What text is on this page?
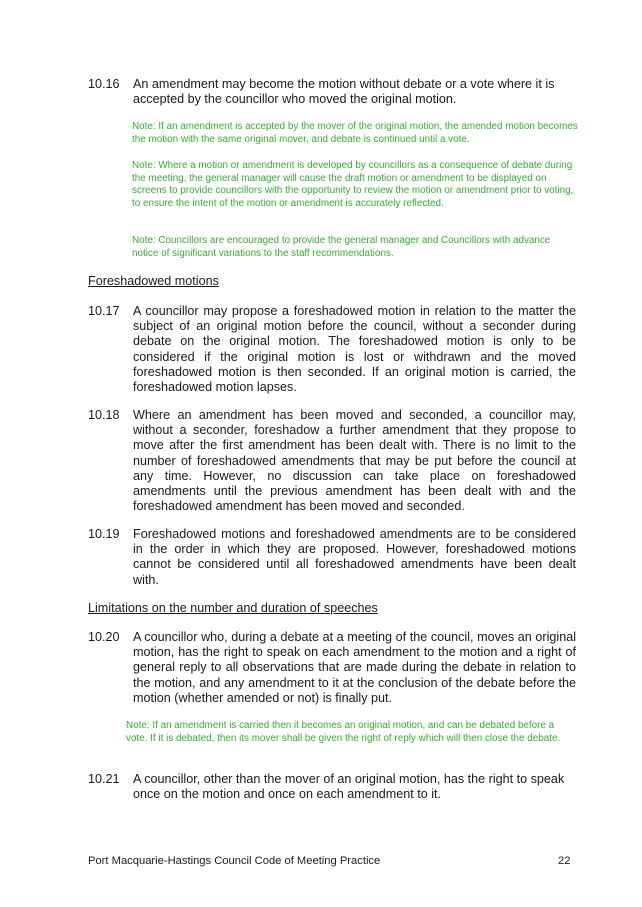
10.16	An amendment may become the motion without debate or a vote where it is accepted by the councillor who moved the original motion.
Note: If an amendment is accepted by the mover of the original motion, the amended motion becomes the motion with the same original mover, and debate is continued until a vote.
Note: Where a motion or amendment is developed by councillors as a consequence of debate during the meeting, the general manager will cause the draft motion or amendment to be displayed on screens to provide councillors with the opportunity to review the motion or amendment prior to voting, to ensure the intent of the motion or amendment is accurately reflected.
Note: Councillors are encouraged to provide the general manager and Councillors with advance notice of significant variations to the staff recommendations.
Foreshadowed motions
10.17	A councillor may propose a foreshadowed motion in relation to the matter the subject of an original motion before the council, without a seconder during debate on the original motion. The foreshadowed motion is only to be considered if the original motion is lost or withdrawn and the moved foreshadowed motion is then seconded. If an original motion is carried, the foreshadowed motion lapses.
10.18	Where an amendment has been moved and seconded, a councillor may, without a seconder, foreshadow a further amendment that they propose to move after the first amendment has been dealt with. There is no limit to the number of foreshadowed amendments that may be put before the council at any time. However, no discussion can take place on foreshadowed amendments until the previous amendment has been dealt with and the foreshadowed amendment has been moved and seconded.
10.19	Foreshadowed motions and foreshadowed amendments are to be considered in the order in which they are proposed. However, foreshadowed motions cannot be considered until all foreshadowed amendments have been dealt with.
Limitations on the number and duration of speeches
10.20	A councillor who, during a debate at a meeting of the council, moves an original motion, has the right to speak on each amendment to the motion and a right of general reply to all observations that are made during the debate in relation to the motion, and any amendment to it at the conclusion of the debate before the motion (whether amended or not) is finally put.
Note: If an amendment is carried then it becomes an original motion, and can be debated before a vote. If it is debated, then its mover shall be given the right of reply which will then close the debate.
10.21	A councillor, other than the mover of an original motion, has the right to speak once on the motion and once on each amendment to it.
Port Macquarie-Hastings Council Code of Meeting Practice	22
